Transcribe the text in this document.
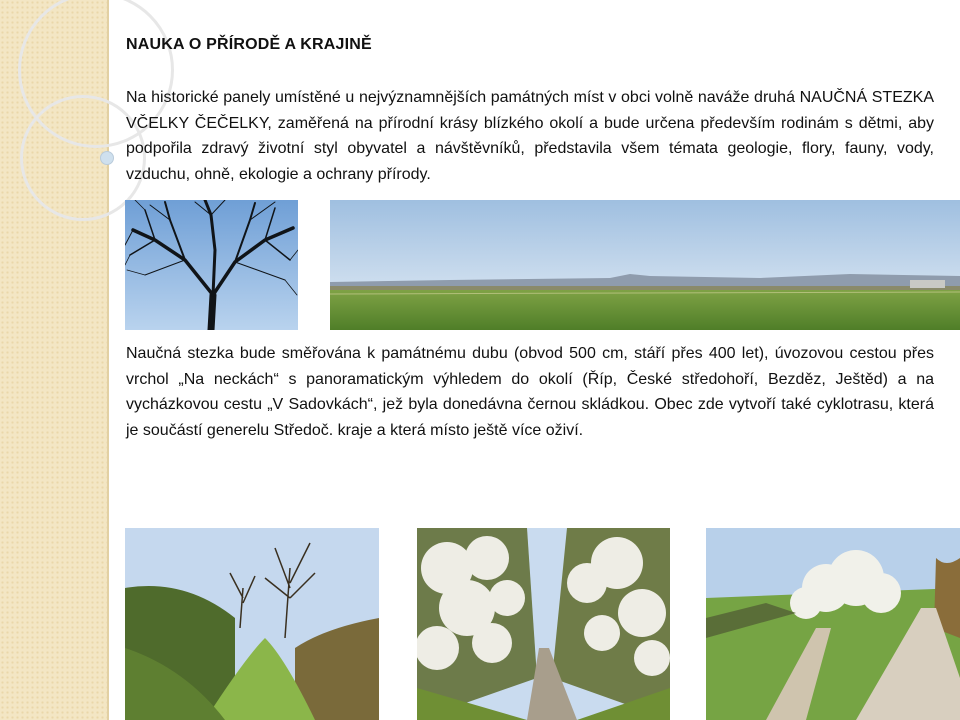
NAUKA O PŘÍRODĚ A KRAJINĚ

Na historické panely umístěné u nejvýznamnějších památných míst v obci volně naváže druhá NAUČNÁ STEZKA VČELKY ČEČELKY, zaměřená na přírodní krásy blízkého okolí a bude určena především rodinám s dětmi, aby podpořila zdravý životní styl obyvatel a návštěvníků, představila všem témata geologie, flory, fauny, vody, vzduchu, ohně, ekologie a ochrany přírody.

Naučná stezka bude směřována k památnému dubu (obvod 500 cm, stáří přes 400 let), úvozovou cestou přes vrchol „Na neckách“ s panoramatickým výhledem do okolí (Říp, České středohoří, Bezděz, Ještěd) a na vycházkovou cestu „V Sadovkách“, jež byla donedávna černou skládkou. Obec zde vytvoří také cyklotrasu, která je součástí generelu Středoč. kraje a která místo ještě více oživí.
